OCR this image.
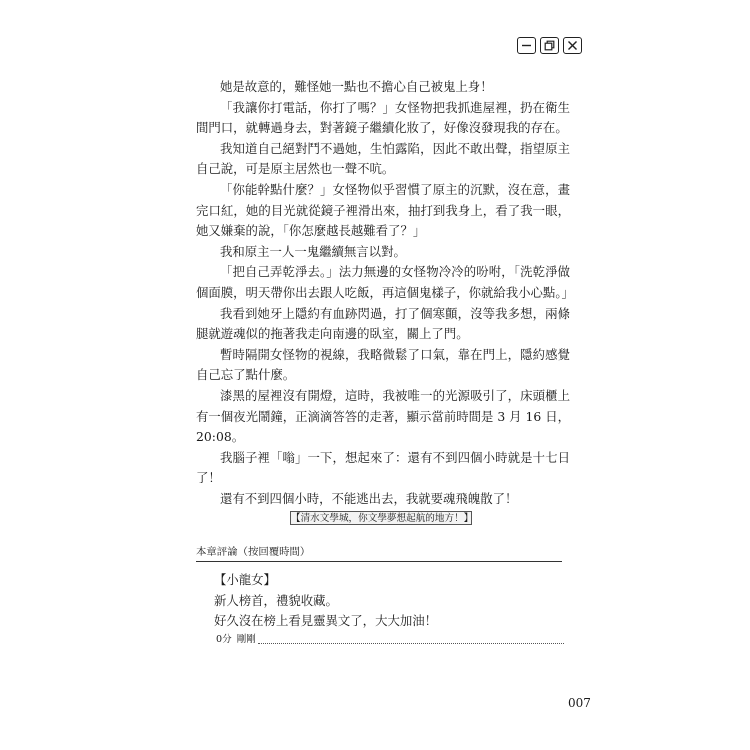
她是故意的，難怪她一點也不擔心自己被鬼上身！

「我讓你打電話，你打了嗎？」女怪物把我抓進屋裡，扔在衛生間門口，就轉過身去，對著鏡子繼續化妝了，好像沒發現我的存在。

我知道自己絕對鬥不過她，生怕露陷，因此不敢出聲，指望原主自己說，可是原主居然也一聲不吭。

「你能幹點什麼？」女怪物似乎習慣了原主的沉默，沒在意，畫完口紅，她的目光就從鏡子裡滑出來，抽打到我身上，看了我一眼，她又嫌棄的說，「你怎麼越長越難看了？」

我和原主一人一鬼繼續無言以對。

「把自己弄乾淨去。」法力無邊的女怪物冷冷的吩咐，「洗乾淨做個面膜，明天帶你出去跟人吃飯，再這個鬼樣子，你就給我小心點。」

我看到她牙上隱約有血跡閃過，打了個寒顫，沒等我多想，兩條腿就遊魂似的拖著我走向南邊的臥室，關上了門。

暫時隔開女怪物的視線，我略微鬆了口氣，靠在門上，隱約感覺自己忘了點什麼。

漆黑的屋裡沒有開燈，這時，我被唯一的光源吸引了，床頭櫃上有一個夜光鬧鐘，正滴滴答答的走著，顯示當前時間是 3 月 16 日，20:08。

我腦子裡「嗡」一下，想起來了：還有不到四個小時就是十七日了！

還有不到四個小時，不能逃出去，我就要魂飛魄散了！

【清水文學城，你文學夢想起航的地方！】
本章評論（按回覆時間）
【小龍女】
新人榜首，禮貌收藏。
好久沒在榜上看見靈異文了，大大加油！
0分 剛剛
007
